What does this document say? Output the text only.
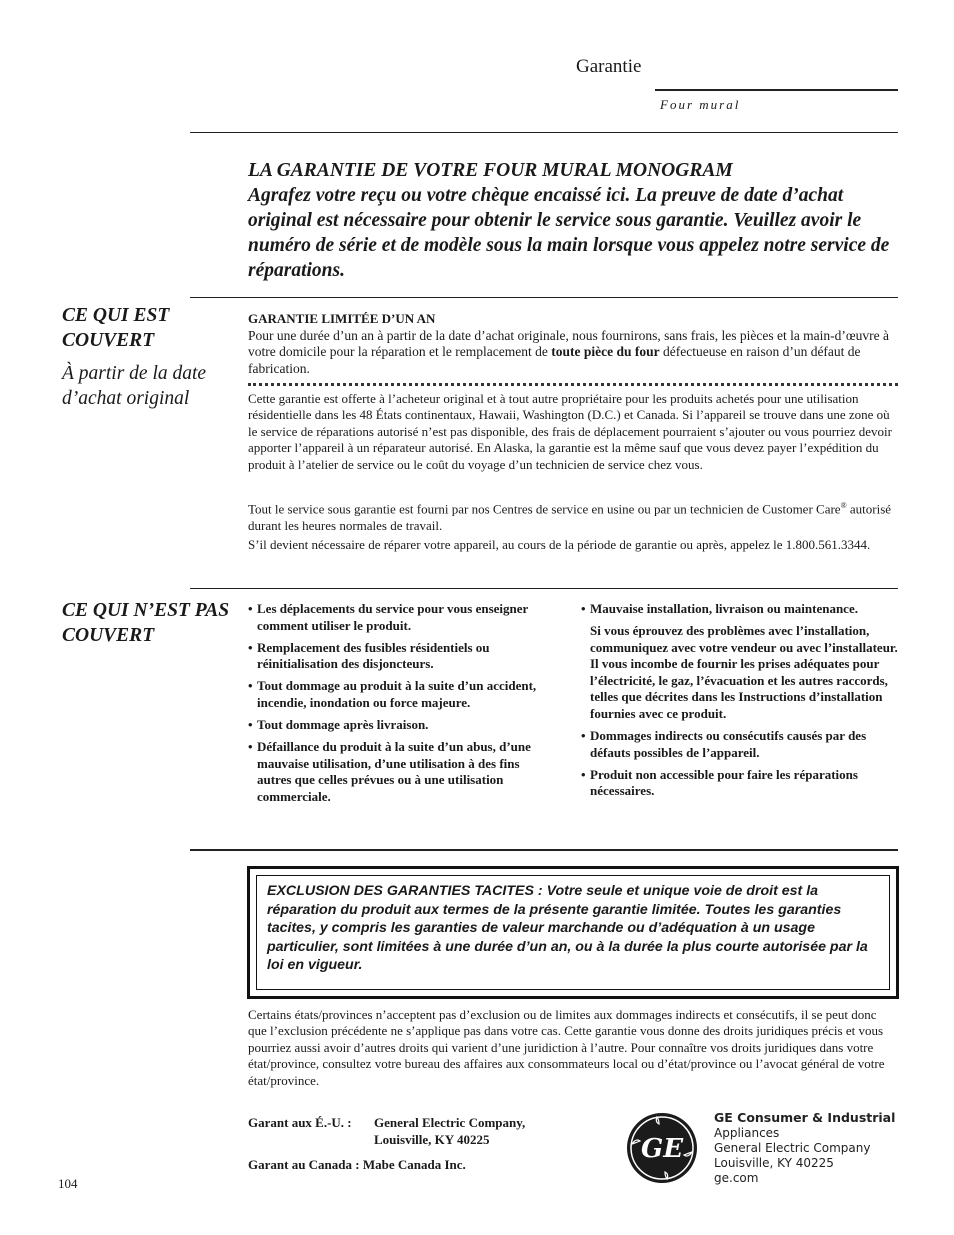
Garantie
Four mural
LA GARANTIE DE VOTRE FOUR MURAL MONOGRAM
Agrafez votre reçu ou votre chèque encaissé ici. La preuve de date d’achat original est nécessaire pour obtenir le service sous garantie. Veuillez avoir le numéro de série et de modèle sous la main lorsque vous appelez notre service de réparations.
CE QUI EST COUVERT
À partir de la date d’achat original
GARANTIE LIMITÉE D’UN AN
Pour une durée d’un an à partir de la date d’achat originale, nous fournirons, sans frais, les pièces et la main-d’œuvre à votre domicile pour la réparation et le remplacement de toute pièce du four défectueuse en raison d’un défaut de fabrication.
Cette garantie est offerte à l’acheteur original et à tout autre propriétaire pour les produits achetés pour une utilisation résidentielle dans les 48 États continentaux, Hawaii, Washington (D.C.) et Canada. Si l’appareil se trouve dans une zone où le service de réparations autorisé n’est pas disponible, des frais de déplacement pourraient s’ajouter ou vous pourriez devoir apporter l’appareil à un réparateur autorisé. En Alaska, la garantie est la même sauf que vous devez payer l’expédition du produit à l’atelier de service ou le coût du voyage d’un technicien de service chez vous.
Tout le service sous garantie est fourni par nos Centres de service en usine ou par un technicien de Customer Care® autorisé durant les heures normales de travail.
S’il devient nécessaire de réparer votre appareil, au cours de la période de garantie ou après, appelez le 1.800.561.3344.
CE QUI N’EST PAS COUVERT
• Les déplacements du service pour vous enseigner comment utiliser le produit.
• Remplacement des fusibles résidentiels ou réinitialisation des disjoncteurs.
• Tout dommage au produit à la suite d’un accident, incendie, inondation ou force majeure.
• Tout dommage après livraison.
• Défaillance du produit à la suite d’un abus, d’une mauvaise utilisation, d’une utilisation à des fins autres que celles prévues ou à une utilisation commerciale.
• Mauvaise installation, livraison ou maintenance.
Si vous éprouvez des problèmes avec l’installation, communiquez avec votre vendeur ou avec l’installateur. Il vous incombe de fournir les prises adéquates pour l’électricité, le gaz, l’évacuation et les autres raccords, telles que décrites dans les Instructions d’installation fournies avec ce produit.
• Dommages indirects ou consécutifs causés par des défauts possibles de l’appareil.
• Produit non accessible pour faire les réparations nécessaires.
EXCLUSION DES GARANTIES TACITES : Votre seule et unique voie de droit est la réparation du produit aux termes de la présente garantie limitée. Toutes les garanties tacites, y compris les garanties de valeur marchande ou d’adéquation à un usage particulier, sont limitées à une durée d’un an, ou à la durée la plus courte autorisée par la loi en vigueur.
Certains états/provinces n’acceptent pas d’exclusion ou de limites aux dommages indirects et consécutifs, il se peut donc que l’exclusion précédente ne s’applique pas dans votre cas. Cette garantie vous donne des droits juridiques précis et vous pourriez aussi avoir d’autres droits qui varient d’une juridiction à l’autre. Pour connaître vos droits juridiques dans votre état/province, consultez votre bureau des affaires aux consommateurs local ou d’état/province ou l’avocat général de votre état/province.
Garant aux É.-U. :	General Electric Company,
Louisville, KY 40225
Garant au Canada : Mabe Canada Inc.
GE
GE Consumer & Industrial
Appliances
General Electric Company
Louisville, KY 40225
ge.com
104
